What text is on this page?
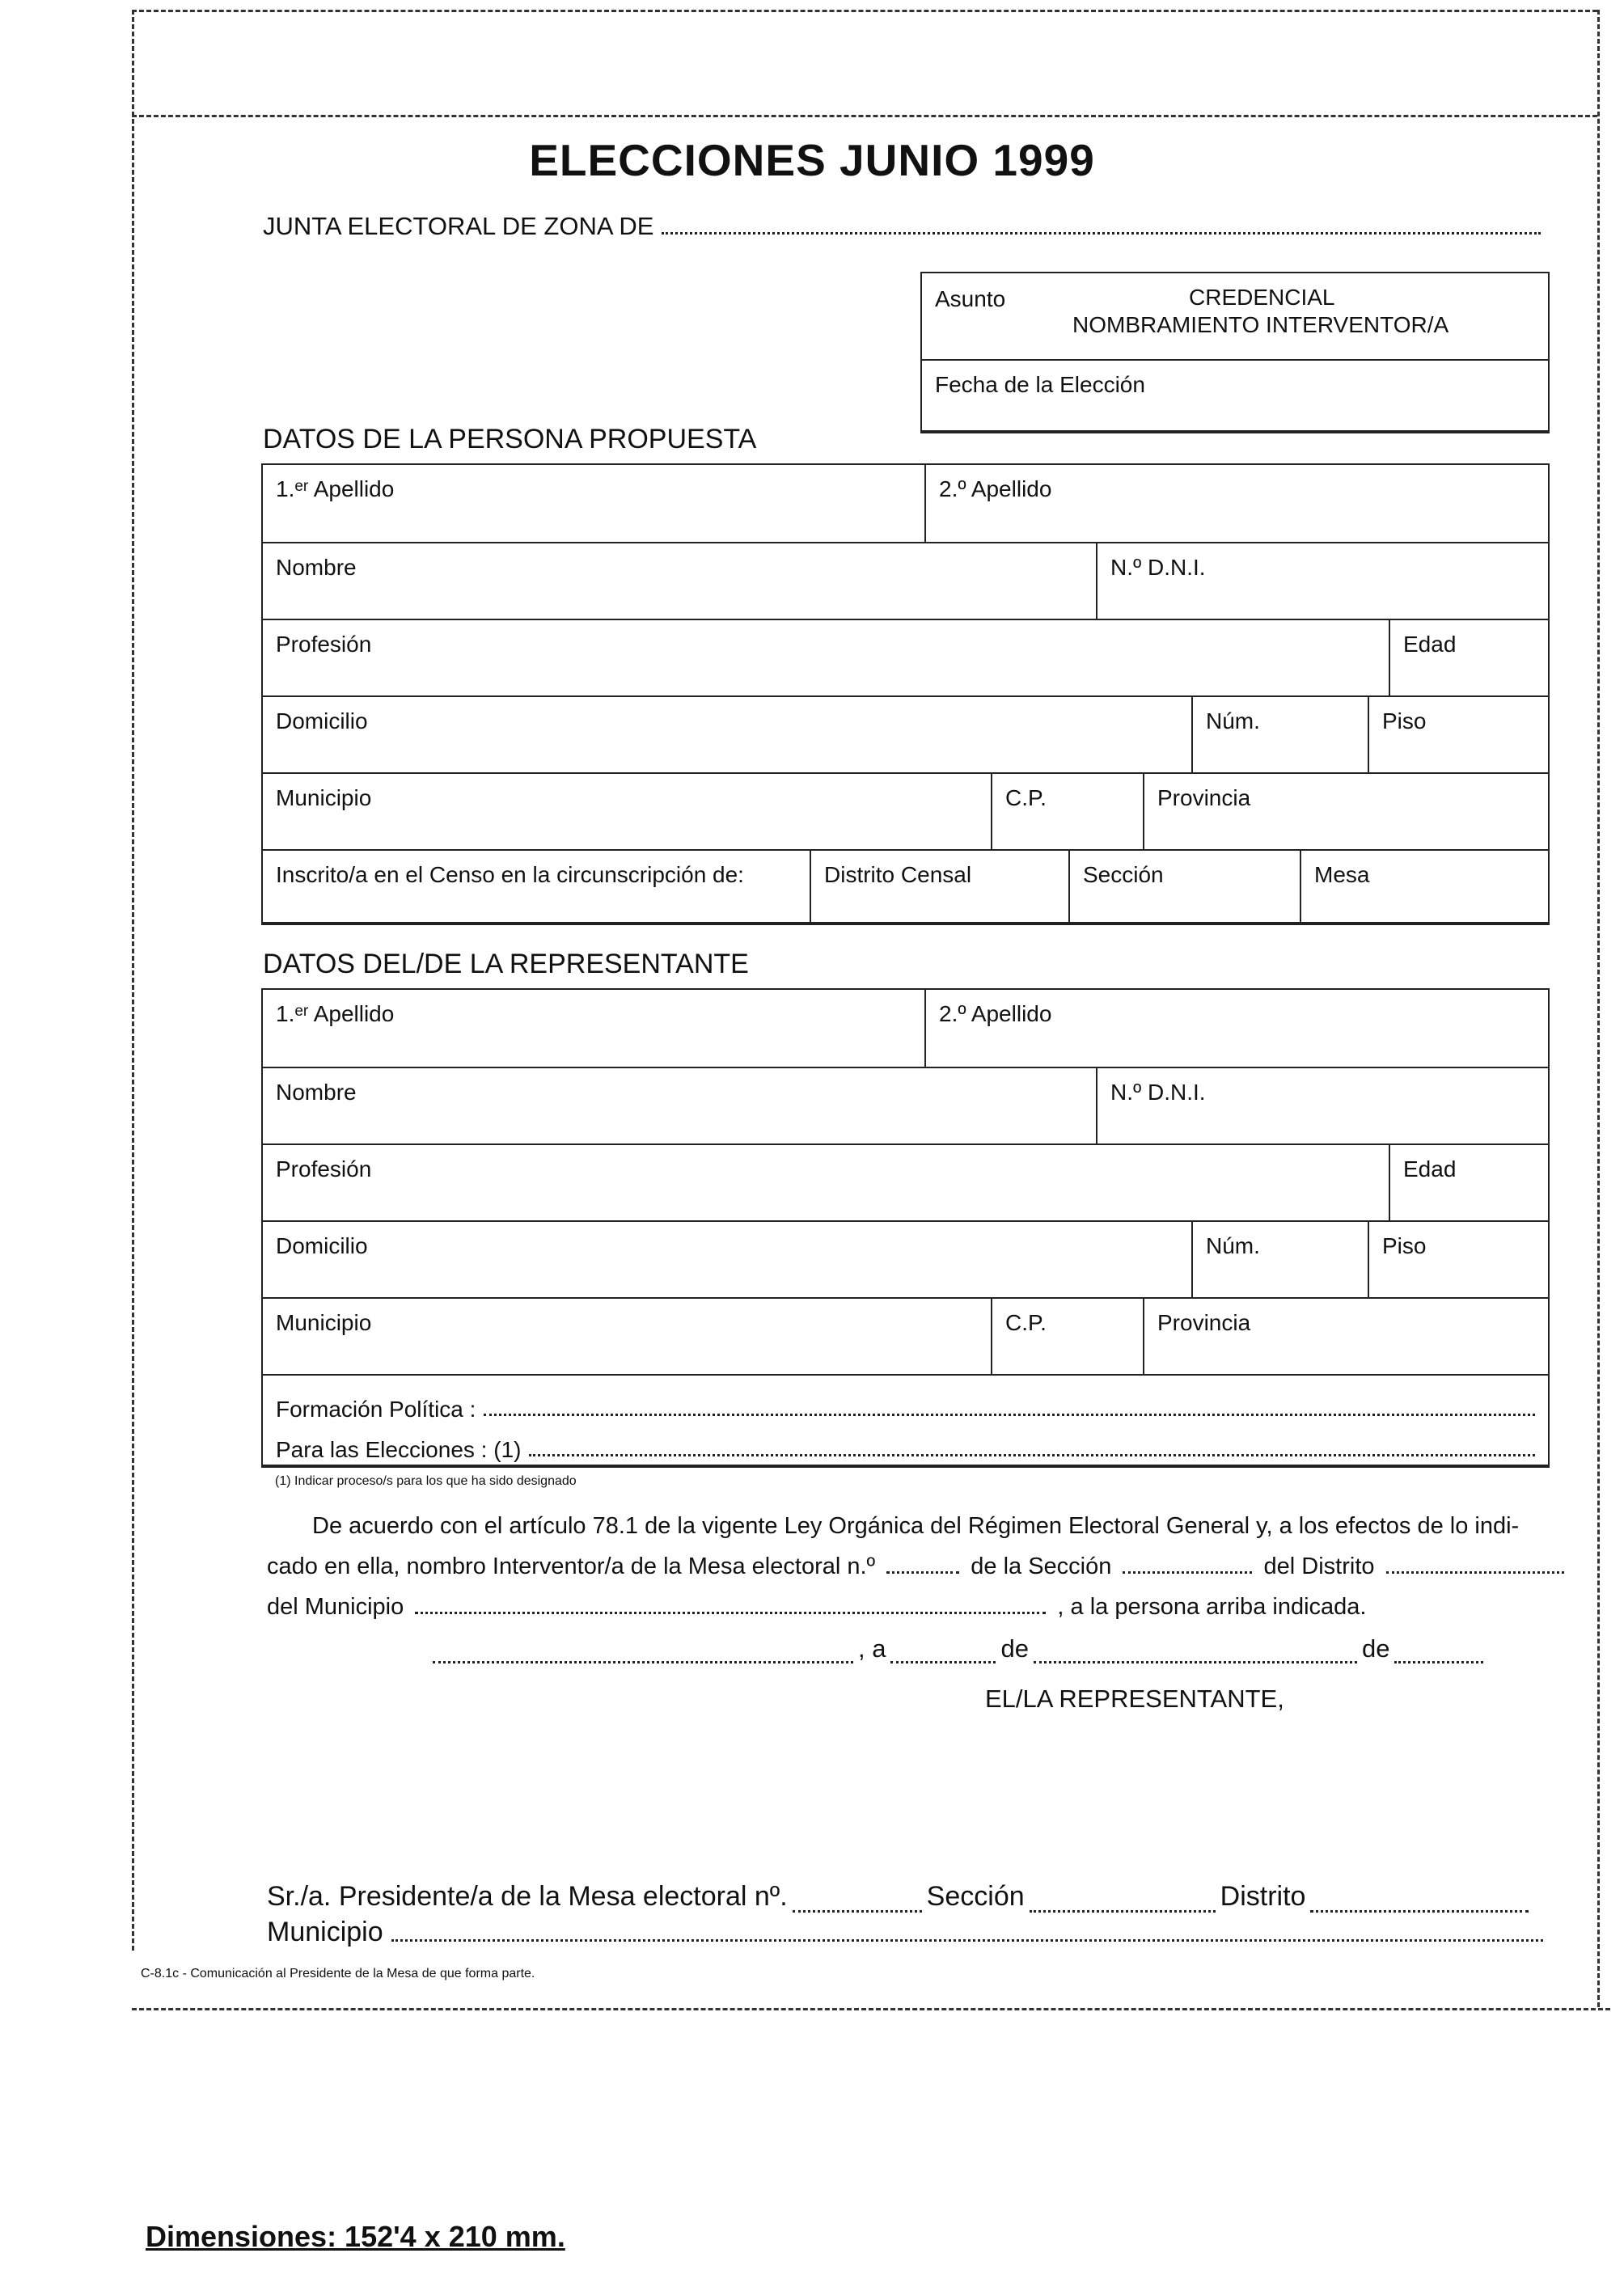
ELECCIONES JUNIO 1999
JUNTA ELECTORAL DE ZONA DE
Asunto	CREDENCIAL
NOMBRAMIENTO INTERVENTOR/A
Fecha de la Elección
DATOS DE LA PERSONA PROPUESTA
1.ᵉʳ Apellido	2.º Apellido
Nombre	N.º D.N.I.
Profesión	Edad
Domicilio	Núm.	Piso
Municipio	C.P.	Provincia
Inscrito/a en el Censo en la circunscripción de:	Distrito Censal	Sección	Mesa
DATOS DEL/DE LA REPRESENTANTE
1.ᵉʳ Apellido	2.º Apellido
Nombre	N.º D.N.I.
Profesión	Edad
Domicilio	Núm.	Piso
Municipio	C.P.	Provincia
Formación Política :
Para las Elecciones : (1)
(1) Indicar proceso/s para los que ha sido designado
De acuerdo con el artículo 78.1 de la vigente Ley Orgánica del Régimen Electoral General y, a los efectos de lo indi-
cado en ella, nombro Interventor/a de la Mesa electoral n.º	de la Sección	del Distrito
del Municipio	, a la persona arriba indicada.
, a	de	de
EL/LA REPRESENTANTE,
Sr./a. Presidente/a de la Mesa electoral nº.	Sección	Distrito
Municipio
C-8.1c - Comunicación al Presidente de la Mesa de que forma parte.
Dimensiones: 152'4 x 210 mm.
